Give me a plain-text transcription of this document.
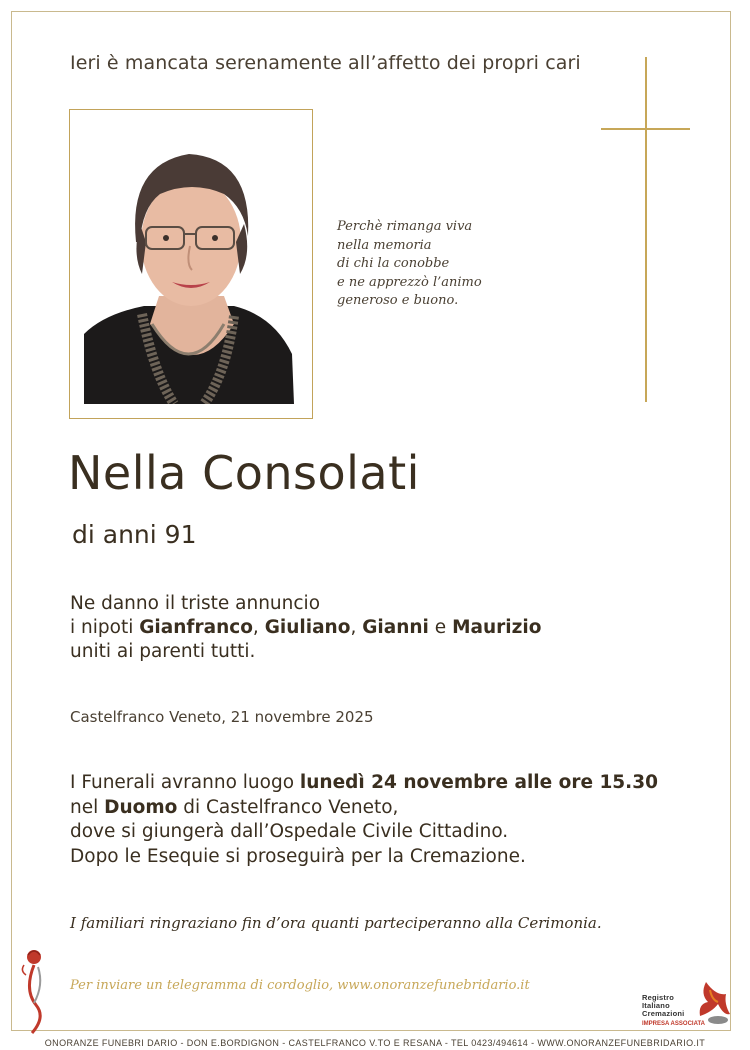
Ieri è mancata serenamente all’affetto dei propri cari
Perchè rimanga viva
nella memoria
di chi la conobbe
e ne apprezzò l’animo
generoso e buono.
Nella Consolati
di anni 91
Ne danno il triste annuncio
i nipoti Gianfranco, Giuliano, Gianni e Maurizio
uniti ai parenti tutti.
Castelfranco Veneto, 21 novembre 2025
I Funerali avranno luogo lunedì 24 novembre alle ore 15.30
nel Duomo di Castelfranco Veneto,
dove si giungerà dall’Ospedale Civile Cittadino.
Dopo le Esequie si proseguirà per la Cremazione.
I familiari ringraziano fin d’ora quanti parteciperanno alla Cerimonia.
Per inviare un telegramma di cordoglio, www.onoranzefunebridario.it
Registro
Italiano
Cremazioni
IMPRESA ASSOCIATA
ONORANZE FUNEBRI DARIO - DON E.BORDIGNON - CASTELFRANCO V.TO E RESANA - TEL 0423/494614 - WWW.ONORANZEFUNEBRIDARIO.IT
